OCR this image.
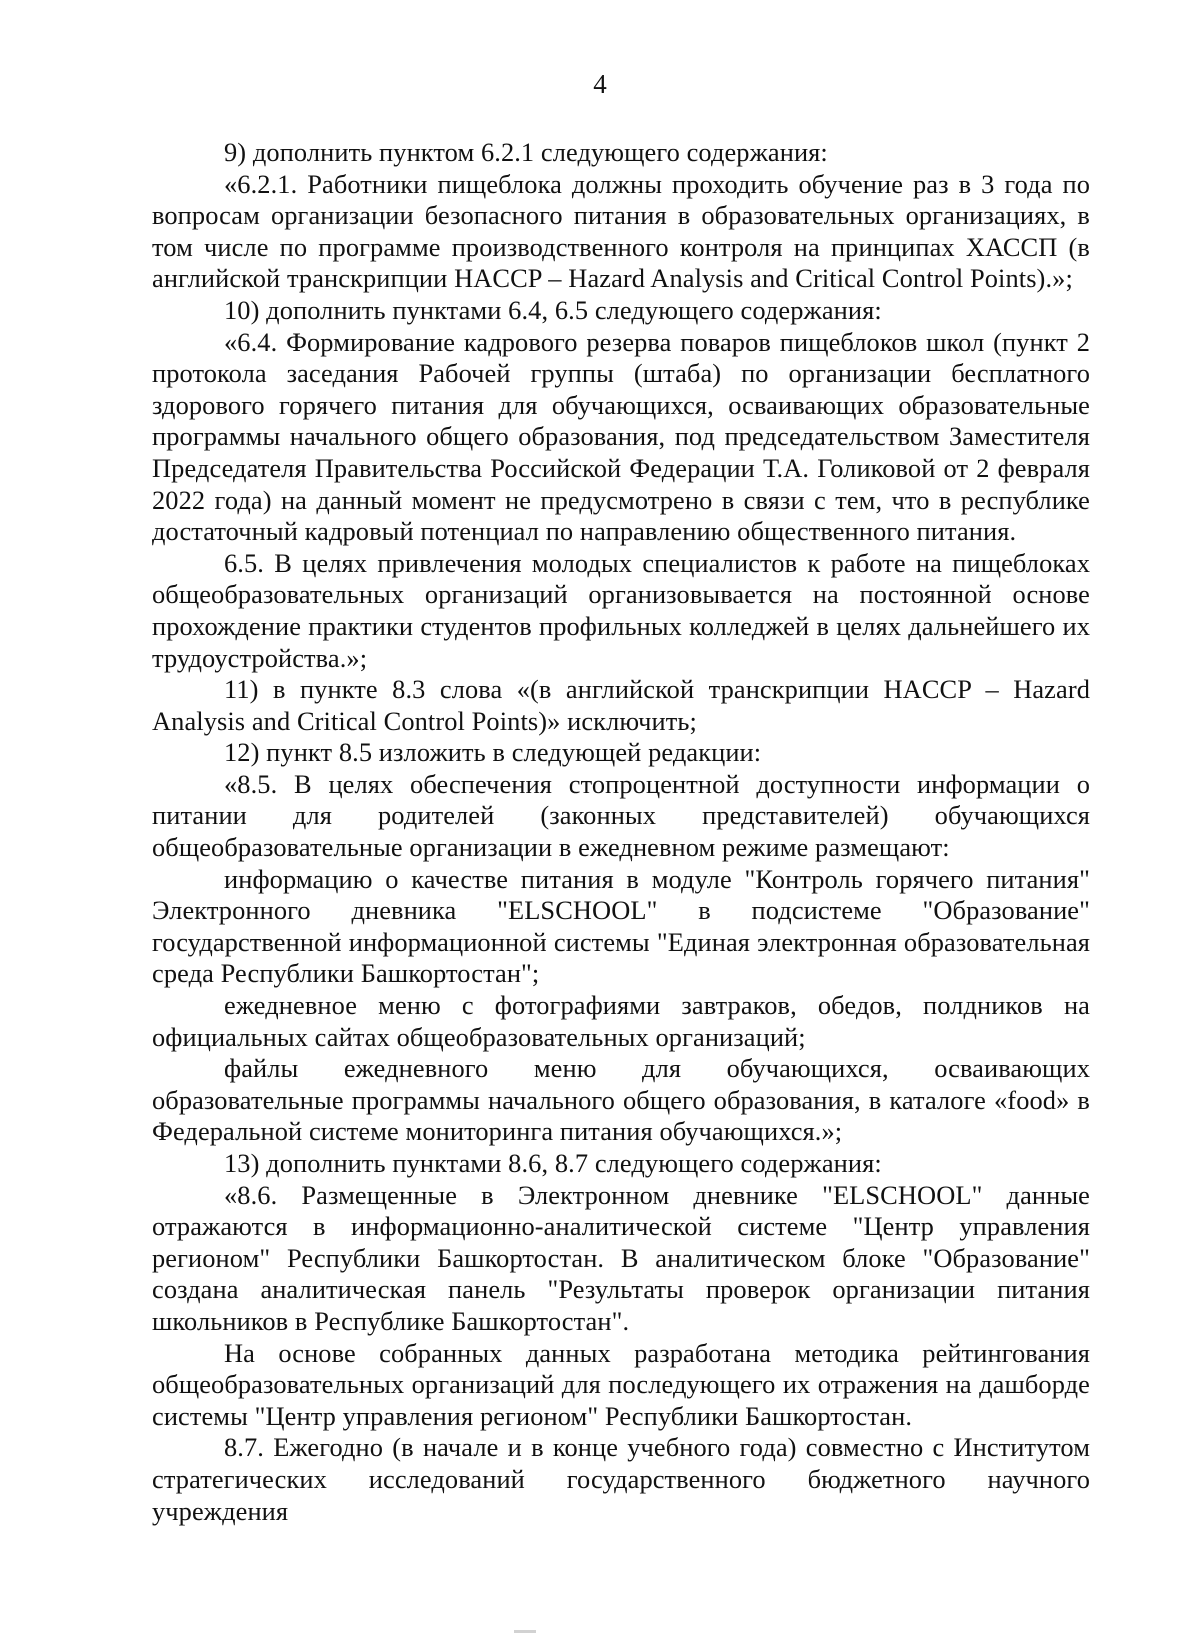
4

9) дополнить пунктом 6.2.1 следующего содержания:

«6.2.1. Работники пищеблока должны проходить обучение раз в 3 года по вопросам организации безопасного питания в образовательных организациях, в том числе по программе производственного контроля на принципах ХАССП (в английской транскрипции HACCP – Hazard Analysis and Critical Control Points).»;

10) дополнить пунктами 6.4, 6.5 следующего содержания:

«6.4. Формирование кадрового резерва поваров пищеблоков школ (пункт 2 протокола заседания Рабочей группы (штаба) по организации бесплатного здорового горячего питания для обучающихся, осваивающих образовательные программы начального общего образования, под председательством Заместителя Председателя Правительства Российской Федерации Т.А. Голиковой от 2 февраля 2022 года) на данный момент не предусмотрено в связи с тем, что в республике достаточный кадровый потенциал по направлению общественного питания.

6.5. В целях привлечения молодых специалистов к работе на пищеблоках общеобразовательных организаций организовывается на постоянной основе прохождение практики студентов профильных колледжей в целях дальнейшего их трудоустройства.»;

11) в пункте 8.3 слова «(в английской транскрипции HACCP – Hazard Analysis and Critical Control Points)» исключить;

12) пункт 8.5 изложить в следующей редакции:

«8.5. В целях обеспечения стопроцентной доступности информации о питании для родителей (законных представителей) обучающихся общеобразовательные организации в ежедневном режиме размещают:

информацию о качестве питания в модуле "Контроль горячего питания" Электронного дневника "ELSCHOOL" в подсистеме "Образование" государственной информационной системы "Единая электронная образовательная среда Республики Башкортостан";

ежедневное меню с фотографиями завтраков, обедов, полдников на официальных сайтах общеобразовательных организаций;

файлы ежедневного меню для обучающихся, осваивающих образовательные программы начального общего образования, в каталоге «food» в Федеральной системе мониторинга питания обучающихся.»;

13) дополнить пунктами 8.6, 8.7 следующего содержания:

«8.6. Размещенные в Электронном дневнике "ELSCHOOL" данные отражаются в информационно-аналитической системе "Центр управления регионом" Республики Башкортостан. В аналитическом блоке "Образование" создана аналитическая панель "Результаты проверок организации питания школьников в Республике Башкортостан".

На основе собранных данных разработана методика рейтингования общеобразовательных организаций для последующего их отражения на дашборде системы "Центр управления регионом" Республики Башкортостан.

8.7. Ежегодно (в начале и в конце учебного года) совместно с Институтом стратегических исследований государственного бюджетного научного учреждения
